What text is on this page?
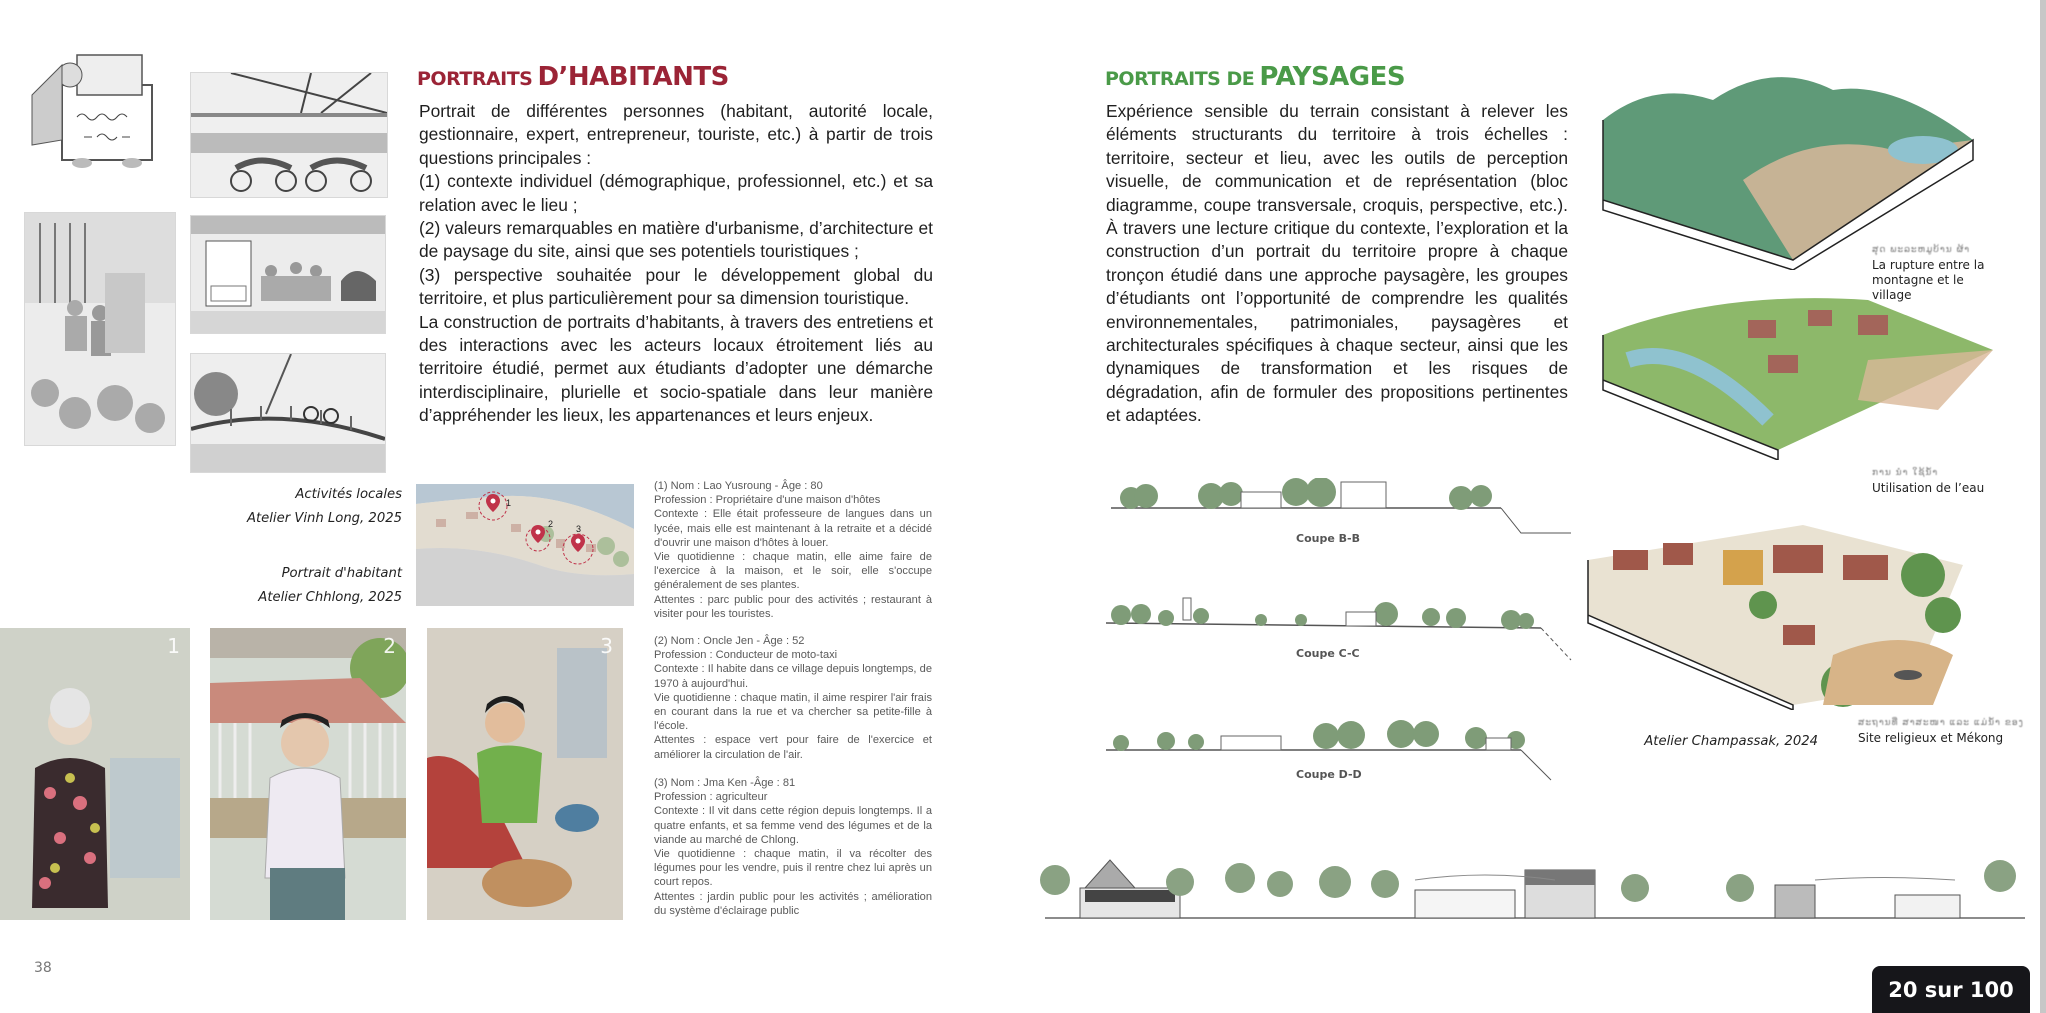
PORTRAITS D’HABITANTS

Portrait de différentes personnes (habitant, autorité locale, gestionnaire, expert, entrepreneur, touriste, etc.) à partir de trois questions principales :

(1) contexte individuel (démographique, professionnel, etc.) et sa relation avec le lieu ;

(2) valeurs remarquables en matière d'urbanisme, d’architecture et de paysage du site, ainsi que ses potentiels touristiques ;

(3) perspective souhaitée pour le développement global du territoire, et plus particulièrement pour sa dimension touristique.

La construction de portraits d’habitants, à travers des entretiens et des interactions avec les acteurs locaux étroitement liés au territoire étudié, permet aux étudiants d’adopter une démarche interdisciplinaire, plurielle et socio-spatiale dans leur manière d’appréhender les lieux, les appartenances et leurs enjeux.

Activités locales
Atelier Vinh Long, 2025
Portrait d'habitant
Atelier Chhlong, 2025
1
2	3
1	2	3

(1) Nom : Lao Yusroung - Âge : 80

Profession : Propriétaire d'une maison d'hôtes

Contexte : Elle était professeure de langues dans un lycée, mais elle est maintenant à la retraite et a décidé d'ouvrir une maison d'hôtes à louer.

Vie quotidienne : chaque matin, elle aime faire de l'exercice à la maison, et le soir, elle s'occupe généralement de ses plantes.

Attentes : parc public pour des activités ; restaurant à visiter pour les touristes.

(2) Nom : Oncle Jen - Âge : 52

Profession : Conducteur de moto-taxi

Contexte : Il habite dans ce village depuis longtemps, de 1970 à aujourd'hui.

Vie quotidienne : chaque matin, il aime respirer l'air frais en courant dans la rue et va chercher sa petite-fille à l'école.

Attentes : espace vert pour faire de l'exercice et améliorer la circulation de l'air.

(3) Nom : Jma Ken -Âge : 81

Profession : agriculteur

Contexte : Il vit dans cette région depuis longtemps. Il a quatre enfants, et sa femme vend des légumes et de la viande au marché de Chlong.

Vie quotidienne : chaque matin, il va récolter des légumes pour les vendre, puis il rentre chez lui après un court repos.

Attentes : jardin public pour les activités ; amélioration du système d'éclairage public

38
PORTRAITS DE PAYSAGES

Expérience sensible du terrain consistant à relever les éléments structurants du territoire à trois échelles : territoire, secteur et lieu, avec les outils de perception visuelle, de communication et de représentation (bloc diagramme, coupe transversale, croquis, perspective, etc.). À travers une lecture critique du contexte, l’exploration et la construction d’un portrait du territoire propre à chaque tronçon étudié dans une approche paysagère, les groupes d’étudiants ont l’opportunité de comprendre les qualités environnementales, patrimoniales, paysagères et architecturales spécifiques à chaque secteur, ainsi que les dynamiques de transformation et les risques de dégradation, afin de formuler des propositions pertinentes et adaptées.

ສຸດ ພະລະຫມູບ້ານ ຜ້າ
La rupture entre la montagne et le village
ການ ນໍາ ໃຊ້ນໍ້າ
Utilisation de l’eau
ສະຖານທີ່ ສາສະໜາ ແລະ ແມ່ນໍ້າ ຂອງ
Site religieux et Mékong
Atelier Champassak, 2024
Coupe B-B
Coupe C-C
Coupe D-D
20 sur 100
